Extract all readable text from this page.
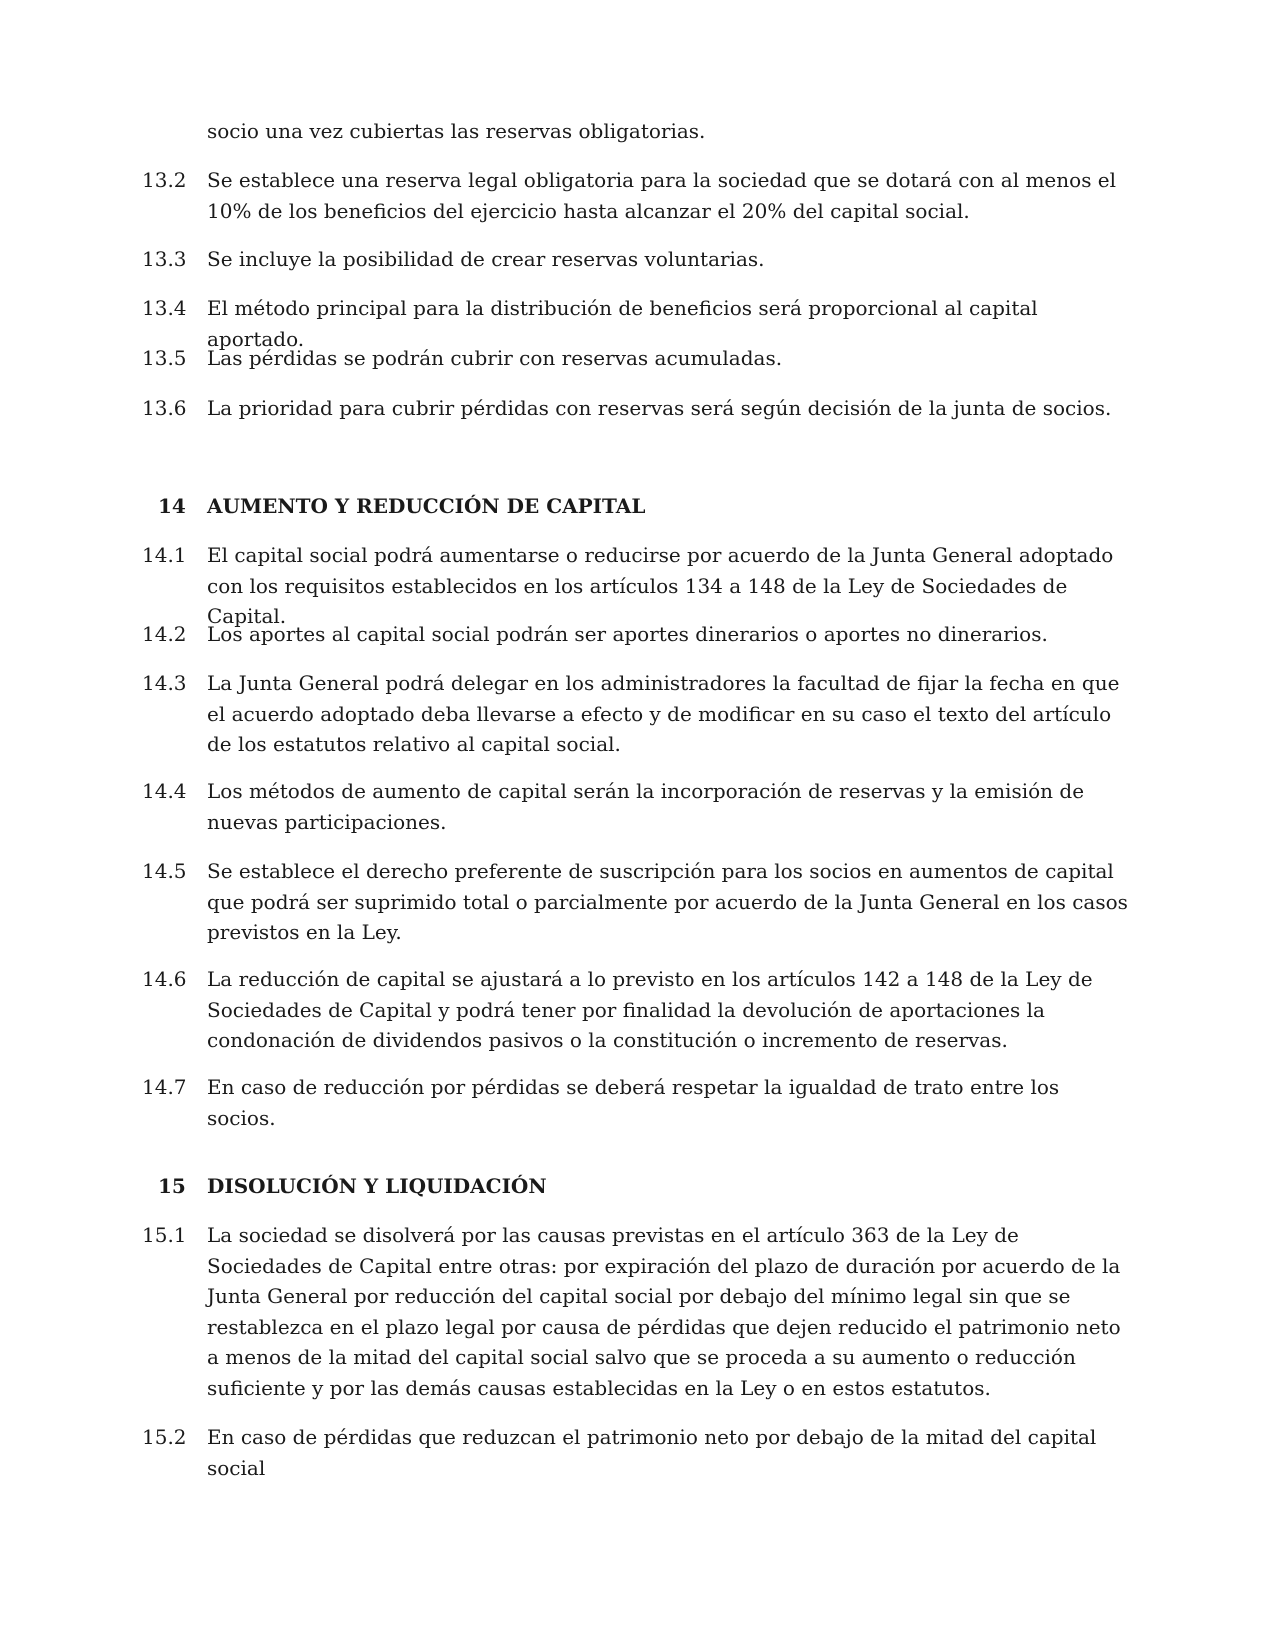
socio una vez cubiertas las reservas obligatorias.
13.2	Se establece una reserva legal obligatoria para la sociedad que se dotará con al menos el 10% de los beneficios del ejercicio hasta alcanzar el 20% del capital social.
13.3	Se incluye la posibilidad de crear reservas voluntarias.
13.4	El método principal para la distribución de beneficios será proporcional al capital aportado.
13.5	Las pérdidas se podrán cubrir con reservas acumuladas.
13.6	La prioridad para cubrir pérdidas con reservas será según decisión de la junta de socios.
14	AUMENTO Y REDUCCIÓN DE CAPITAL
14.1	El capital social podrá aumentarse o reducirse por acuerdo de la Junta General adoptado con los requisitos establecidos en los artículos 134 a 148 de la Ley de Sociedades de Capital.
14.2	Los aportes al capital social podrán ser aportes dinerarios o aportes no dinerarios.
14.3	La Junta General podrá delegar en los administradores la facultad de fijar la fecha en que el acuerdo adoptado deba llevarse a efecto y de modificar en su caso el texto del artículo de los estatutos relativo al capital social.
14.4	Los métodos de aumento de capital serán la incorporación de reservas y la emisión de nuevas participaciones.
14.5	Se establece el derecho preferente de suscripción para los socios en aumentos de capital que podrá ser suprimido total o parcialmente por acuerdo de la Junta General en los casos previstos en la Ley.
14.6	La reducción de capital se ajustará a lo previsto en los artículos 142 a 148 de la Ley de Sociedades de Capital y podrá tener por finalidad la devolución de aportaciones la condonación de dividendos pasivos o la constitución o incremento de reservas.
14.7	En caso de reducción por pérdidas se deberá respetar la igualdad de trato entre los socios.
15	DISOLUCIÓN Y LIQUIDACIÓN
15.1	La sociedad se disolverá por las causas previstas en el artículo 363 de la Ley de Sociedades de Capital entre otras: por expiración del plazo de duración por acuerdo de la Junta General por reducción del capital social por debajo del mínimo legal sin que se restablezca en el plazo legal por causa de pérdidas que dejen reducido el patrimonio neto a menos de la mitad del capital social salvo que se proceda a su aumento o reducción suficiente y por las demás causas establecidas en la Ley o en estos estatutos.
15.2	En caso de pérdidas que reduzcan el patrimonio neto por debajo de la mitad del capital social
